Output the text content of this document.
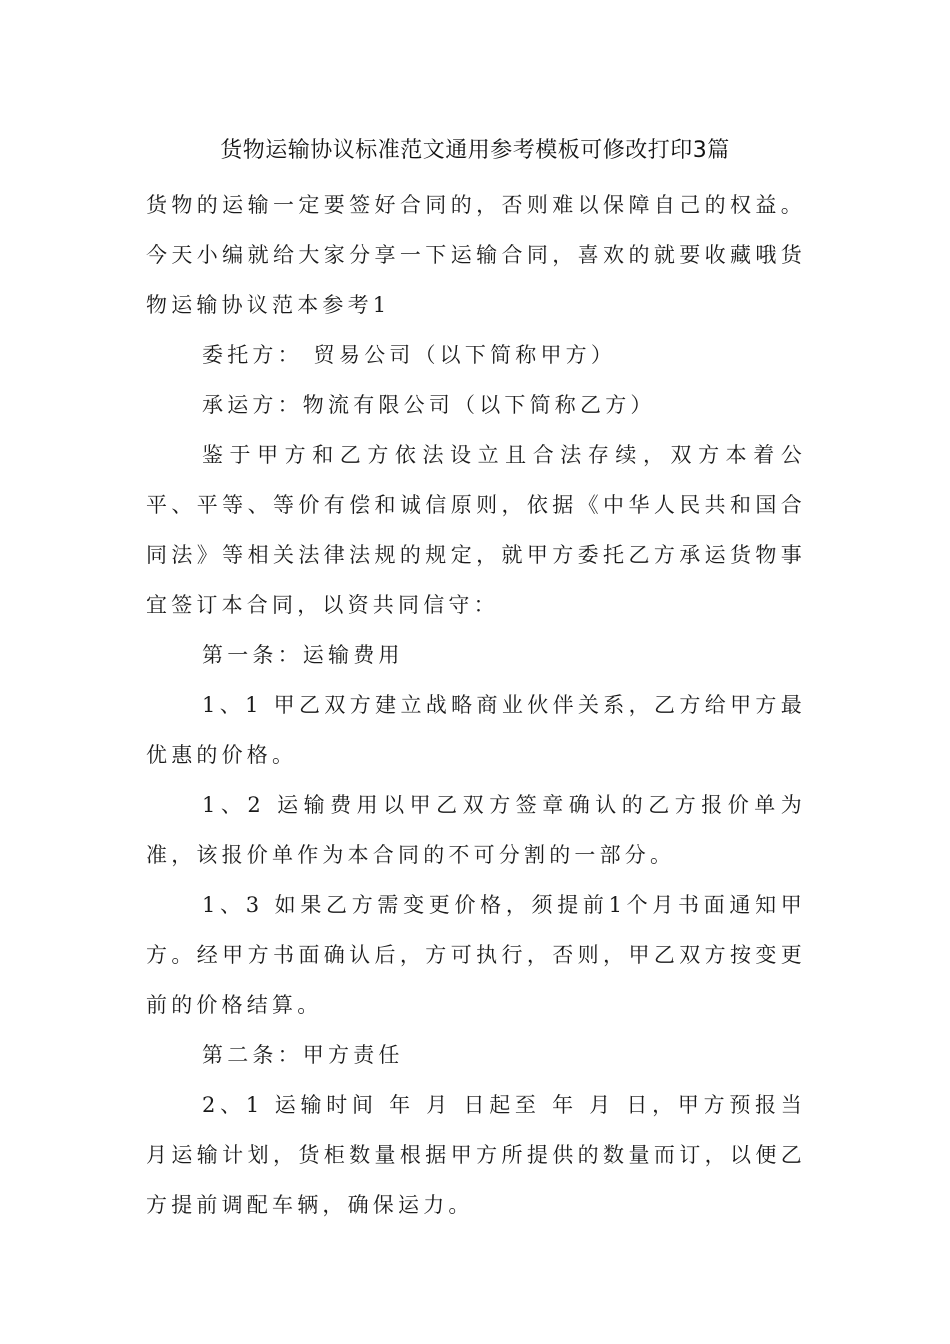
货物运输协议标准范文通用参考模板可修改打印3篇

货物的运输一定要签好合同的，否则难以保障自己的权益。今天小编就给大家分享一下运输合同，喜欢的就要收藏哦货物运输协议范本参考1

委托方： 贸易公司（以下简称甲方）

承运方：物流有限公司（以下简称乙方）

鉴于甲方和乙方依法设立且合法存续，双方本着公平、平等、等价有偿和诚信原则，依据《中华人民共和国合同法》等相关法律法规的规定，就甲方委托乙方承运货物事宜签订本合同，以资共同信守：

第一条：运输费用

1、1 甲乙双方建立战略商业伙伴关系，乙方给甲方最优惠的价格。

1、2 运输费用以甲乙双方签章确认的乙方报价单为准，该报价单作为本合同的不可分割的一部分。

1、3 如果乙方需变更价格，须提前1个月书面通知甲方。经甲方书面确认后，方可执行，否则，甲乙双方按变更前的价格结算。

第二条：甲方责任

2、1 运输时间 年 月 日起至 年 月 日，甲方预报当月运输计划，货柜数量根据甲方所提供的数量而订，以便乙方提前调配车辆，确保运力。
